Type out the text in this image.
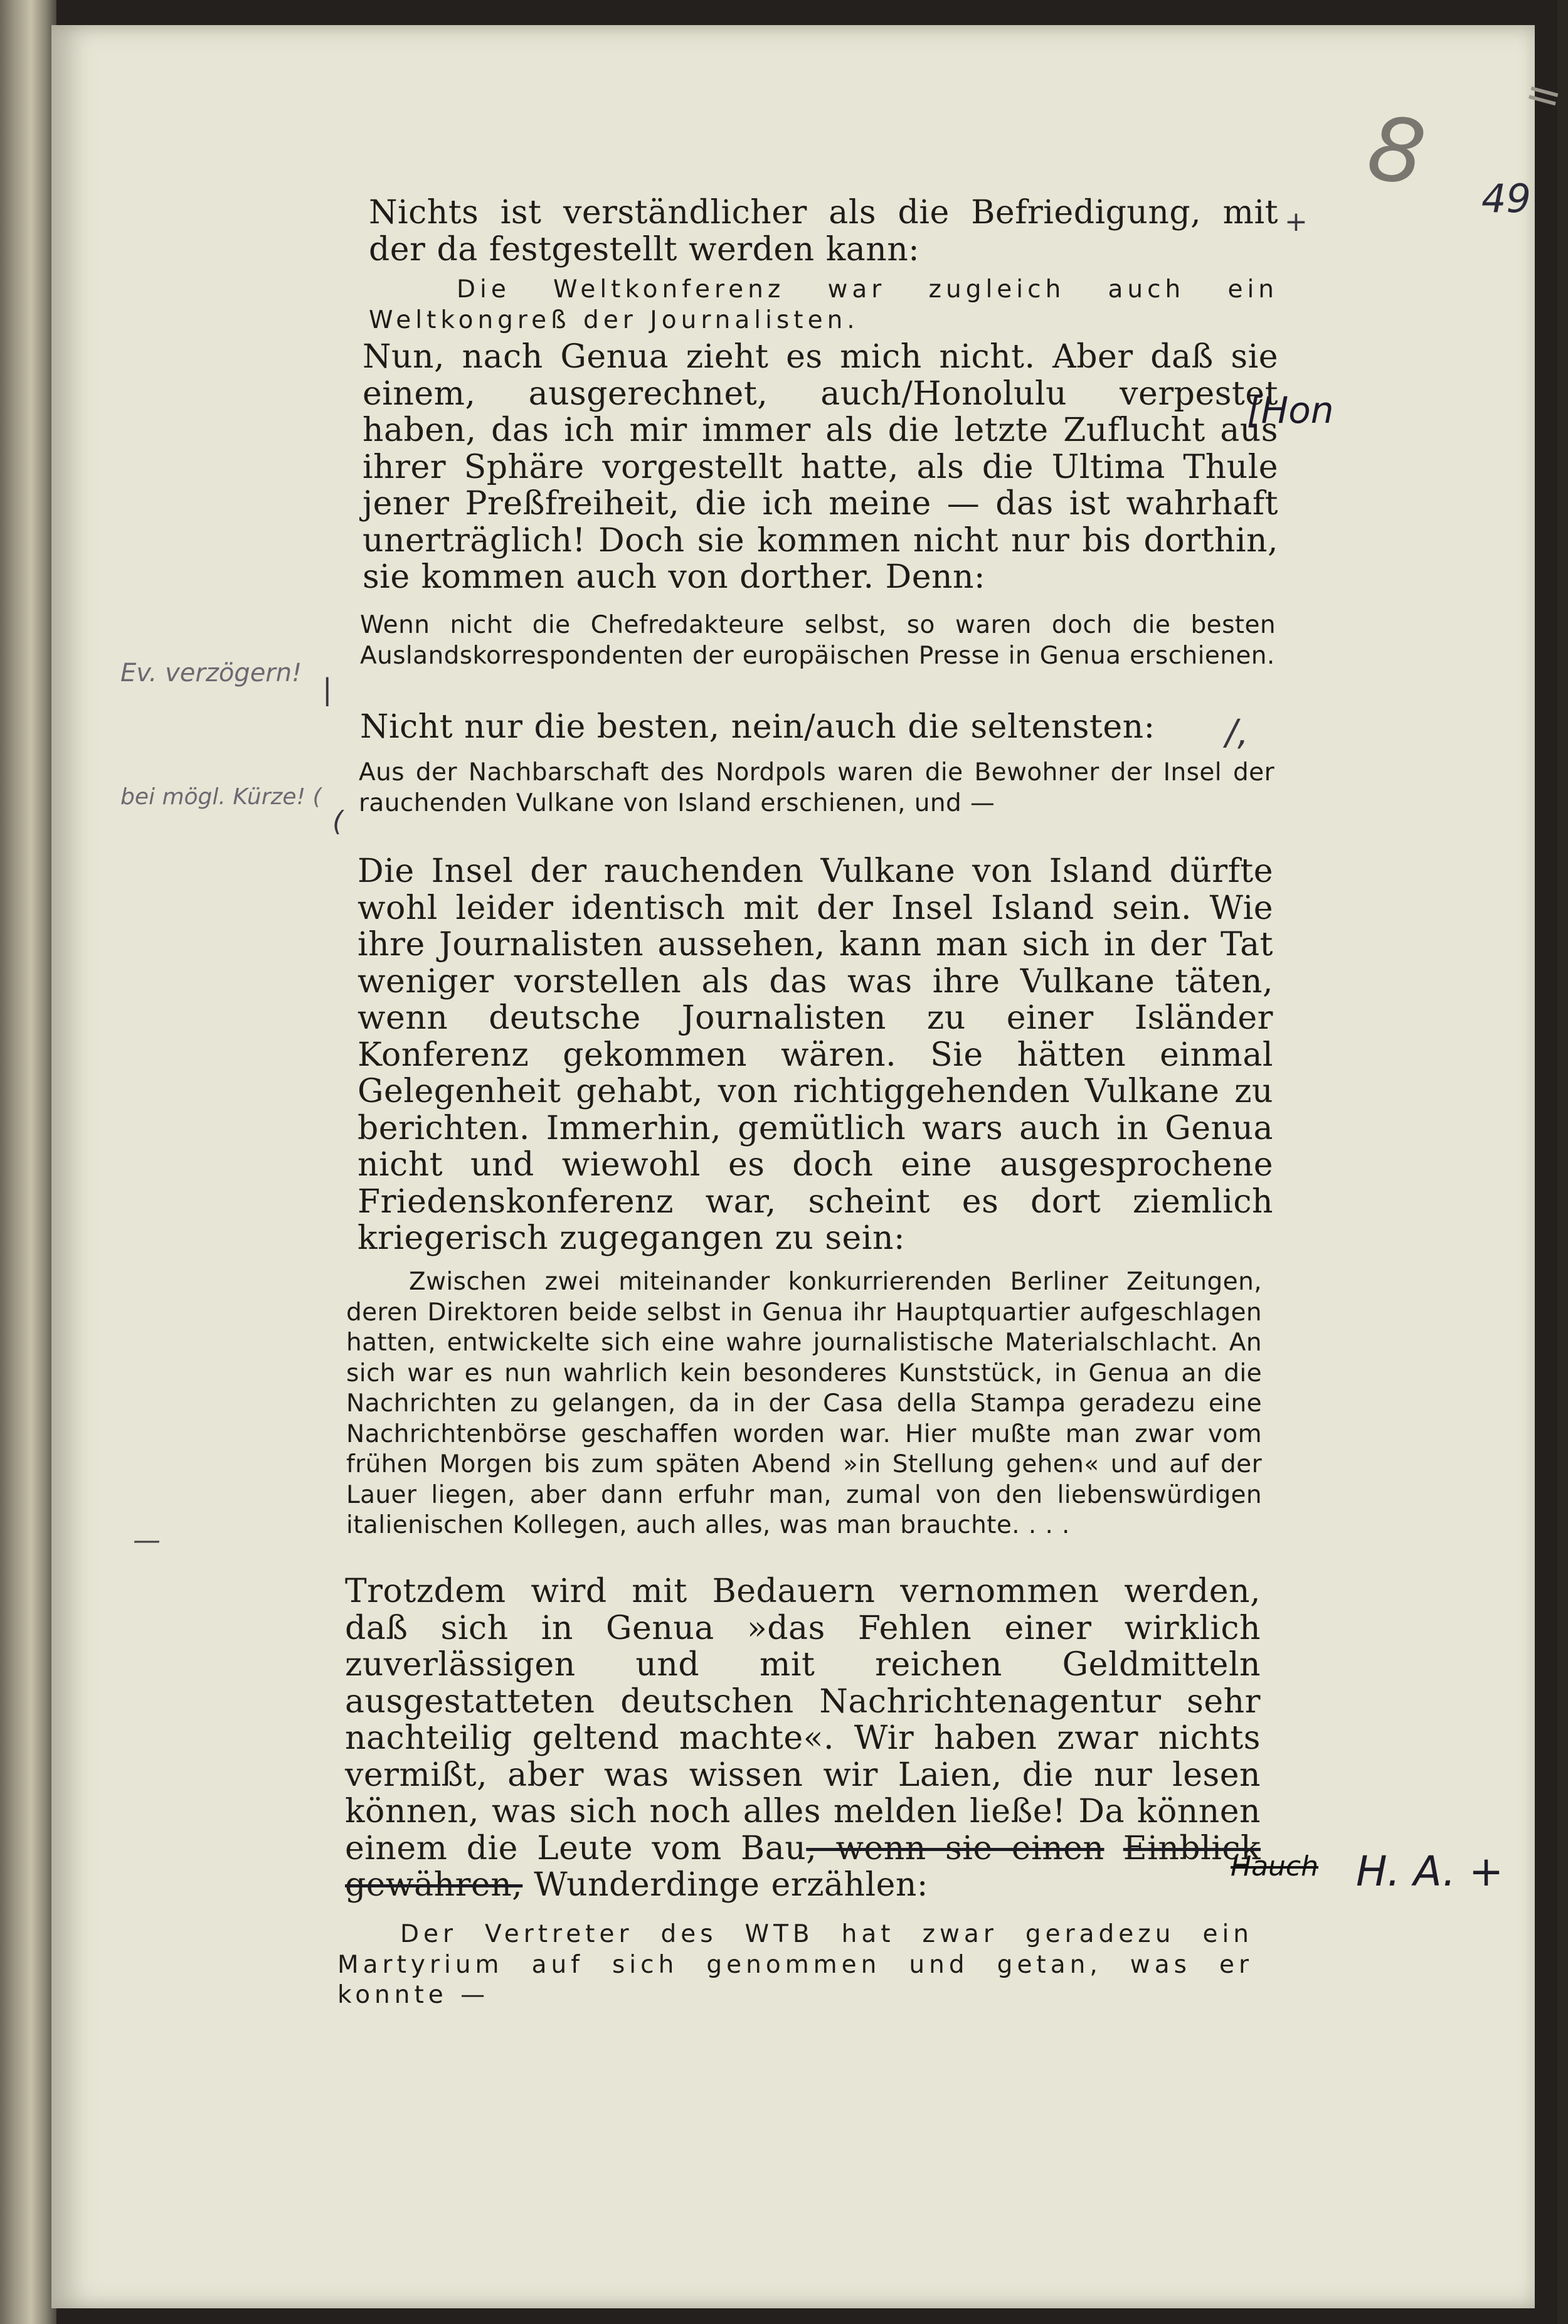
=
8 49
Nichts ist verständlicher als die Befriedigung, mit der da festgestellt werden kann:
Die Weltkonferenz war zugleich auch ein Weltkongreß der Journalisten.
Nun, nach Genua zieht es mich nicht. Aber daß sie einem, ausgerechnet, auch/Honolulu verpestet haben, das ich mir immer als die letzte Zuflucht aus ihrer Sphäre vorgestellt hatte, als die Ultima Thule jener Preßfreiheit, die ich meine — das ist wahrhaft unerträglich! Doch sie kommen nicht nur bis dorthin, sie kommen auch von dorther. Denn:
Wenn nicht die Chefredakteure selbst, so waren doch die besten Auslandskorrespondenten der europäischen Presse in Genua erschienen.
Nicht nur die besten, nein/auch die seltensten:
Aus der Nachbarschaft des Nordpols waren die Bewohner der Insel der rauchenden Vulkane von Island erschienen, und —
Die Insel der rauchenden Vulkane von Island dürfte wohl leider identisch mit der Insel Island sein. Wie ihre Journalisten aussehen, kann man sich in der Tat weniger vorstellen als das was ihre Vulkane täten, wenn deutsche Journalisten zu einer Isländer Konferenz gekommen wären. Sie hätten einmal Gelegenheit gehabt, von richtiggehenden Vulkane zu berichten. Immerhin, gemütlich wars auch in Genua nicht und wiewohl es doch eine ausgesprochene Friedenskonferenz war, scheint es dort ziemlich kriegerisch zugegangen zu sein:
Zwischen zwei miteinander konkurrierenden Berliner Zeitungen, deren Direktoren beide selbst in Genua ihr Hauptquartier aufgeschlagen hatten, entwickelte sich eine wahre journalistische Materialschlacht. An sich war es nun wahrlich kein besonderes Kunststück, in Genua an die Nachrichten zu gelangen, da in der Casa della Stampa geradezu eine Nachrichtenbörse geschaffen worden war. Hier mußte man zwar vom frühen Morgen bis zum späten Abend »in Stellung gehen« und auf der Lauer liegen, aber dann erfuhr man, zumal von den liebenswürdigen italienischen Kollegen, auch alles, was man brauchte. . . .
Trotzdem wird mit Bedauern vernommen werden, daß sich in Genua »das Fehlen einer wirklich zuverlässigen und mit reichen Geldmitteln ausgestatteten deutschen Nachrichtenagentur sehr nachteilig geltend machte«. Wir haben zwar nichts vermißt, aber was wissen wir Laien, die nur lesen können, was sich noch alles melden ließe! Da können einem die Leute vom Bau, wenn sie einen Einblick gewähren, Wunderdinge erzählen:
Der Vertreter des WTB hat zwar geradezu ein Martyrium auf sich genommen und getan, was er konnte —
+
[Hon
Ev. verzögern! |
/,
bei mögl. Kürze! (
(
—
Hauch H. A. +
